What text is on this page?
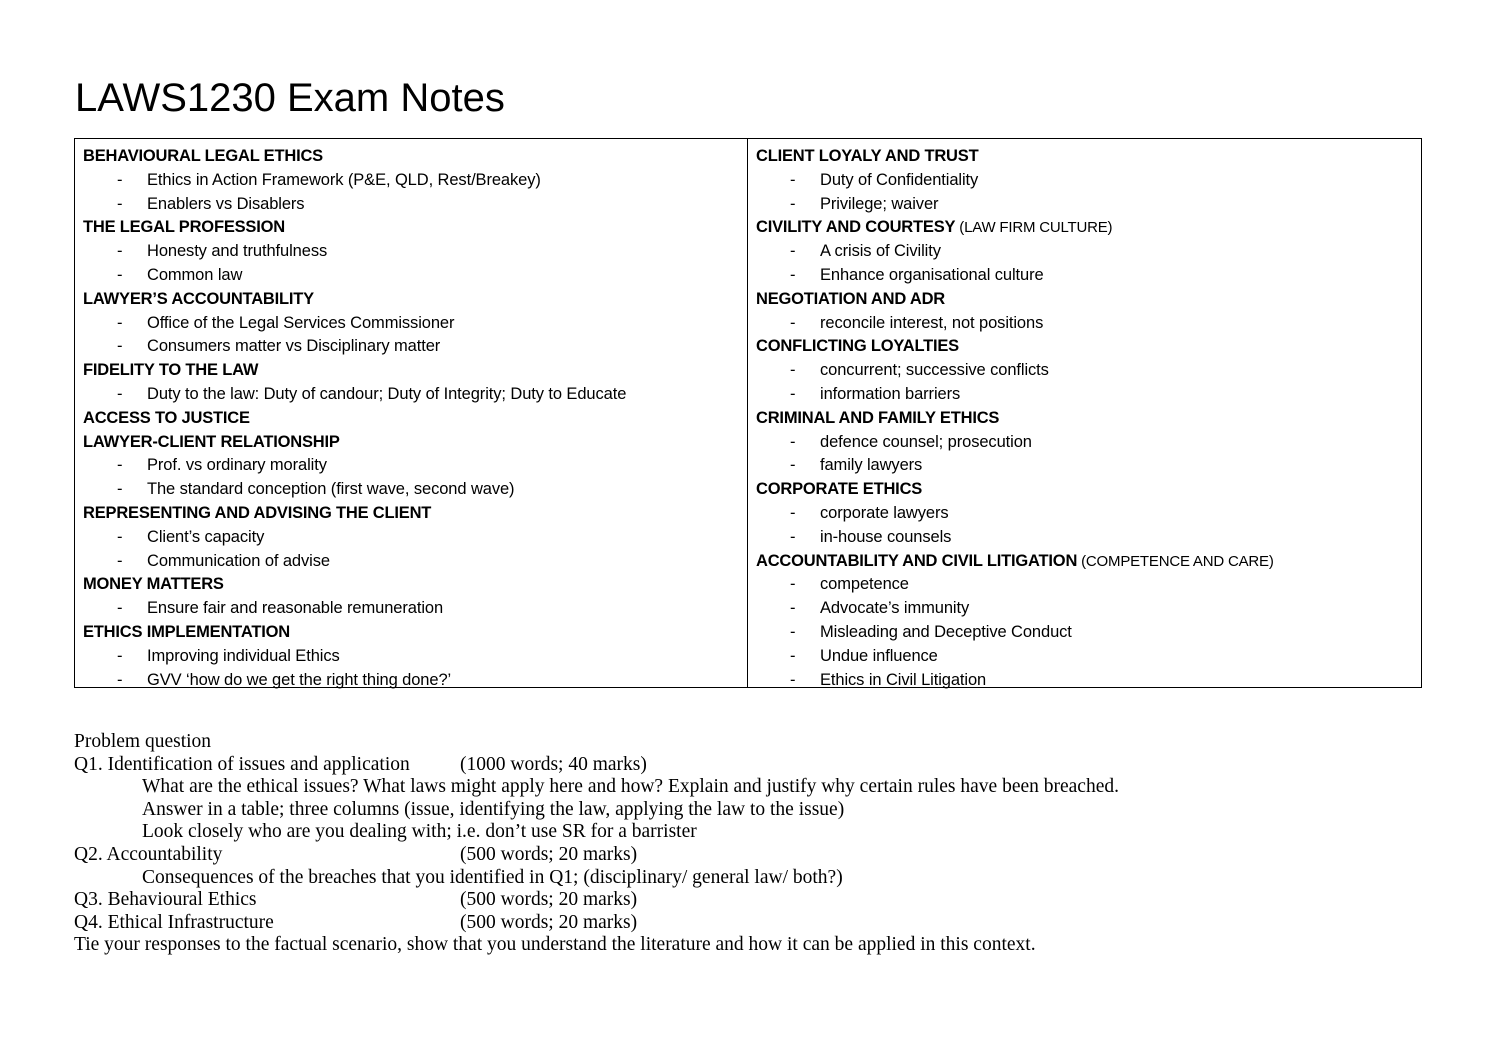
LAWS1230 Exam Notes
BEHAVIOURAL LEGAL ETHICS
-	Ethics in Action Framework (P&E, QLD, Rest/Breakey)
-	Enablers vs Disablers
THE LEGAL PROFESSION
-	Honesty and truthfulness
-	Common law
LAWYER’S ACCOUNTABILITY
-	Office of the Legal Services Commissioner
-	Consumers matter vs Disciplinary matter
FIDELITY TO THE LAW
-	Duty to the law: Duty of candour; Duty of Integrity; Duty to Educate
ACCESS TO JUSTICE
LAWYER-CLIENT RELATIONSHIP
-	Prof. vs ordinary morality
-	The standard conception (first wave, second wave)
REPRESENTING AND ADVISING THE CLIENT
-	Client’s capacity
-	Communication of advise
MONEY MATTERS
-	Ensure fair and reasonable remuneration
ETHICS IMPLEMENTATION
-	Improving individual Ethics
-	GVV ‘how do we get the right thing done?’
CLIENT LOYALY AND TRUST
-	Duty of Confidentiality
-	Privilege; waiver
CIVILITY AND COURTESY (LAW FIRM CULTURE)
-	A crisis of Civility
-	Enhance organisational culture
NEGOTIATION AND ADR
-	reconcile interest, not positions
CONFLICTING LOYALTIES
-	concurrent; successive conflicts
-	information barriers
CRIMINAL AND FAMILY ETHICS
-	defence counsel; prosecution
-	family lawyers
CORPORATE ETHICS
-	corporate lawyers
-	in-house counsels
ACCOUNTABILITY AND CIVIL LITIGATION (COMPETENCE AND CARE)
-	competence
-	Advocate’s immunity
-	Misleading and Deceptive Conduct
-	Undue influence
-	Ethics in Civil Litigation
Problem question
Q1. Identification of issues and application	(1000 words; 40 marks)
What are the ethical issues? What laws might apply here and how? Explain and justify why certain rules have been breached.
Answer in a table; three columns (issue, identifying the law, applying the law to the issue)
Look closely who are you dealing with; i.e. don’t use SR for a barrister
Q2. Accountability	(500 words; 20 marks)
Consequences of the breaches that you identified in Q1; (disciplinary/ general law/ both?)
Q3. Behavioural Ethics	(500 words; 20 marks)
Q4. Ethical Infrastructure	(500 words; 20 marks)
Tie your responses to the factual scenario, show that you understand the literature and how it can be applied in this context.
